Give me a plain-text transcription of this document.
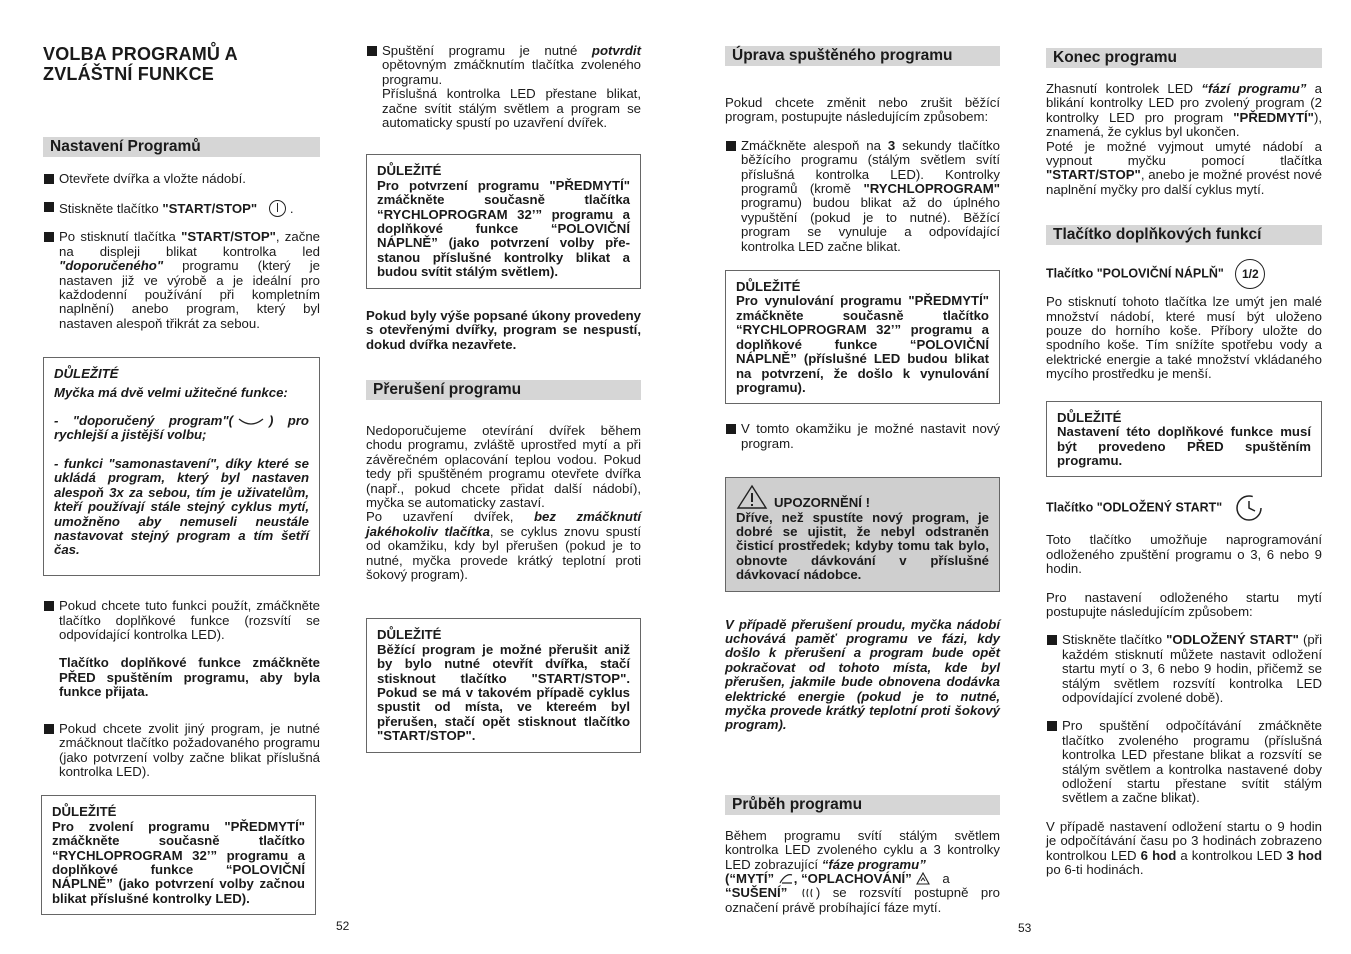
VOLBA PROGRAMŮ A
ZVLÁŠTNÍ FUNKCE
Nastavení Programů
Otevřete dvířka a vložte nádobí.
Stiskněte tlačítko "START/STOP" .
Po stisknutí tlačítka "START/STOP", začne na displeji blikat kontrolka led "doporučeného" programu (který je nastaven již ve výrobě a je ideální pro každodenní používání při kompletním naplnění) anebo program, který byl nastaven alespoň třikrát za sebou.
DŮLEŽITÉ
Myčka má dvě velmi užitečné funkce:
- "doporučený program"(	) pro rychlejší a jistější volbu;
- funkci "samonastavení", díky které se ukládá program, který byl nastaven alespoň 3x za sebou, tím je uživatelům, kteří používají stále stejný cyklus mytí, umožněno aby nemuseli neustále nastavovat stejný program a tím šetří čas.
Pokud chcete tuto funkci použít, zmáčkněte tlačítko doplňkové funkce (rozsvítí se odpovídající kontrolka LED).
Tlačítko doplňkové funkce zmáčkněte PŘED spuštěním programu, aby byla funkce přijata.
Pokud chcete zvolit jiný program, je nutné zmáčknout tlačítko požadovaného programu (jako potvrzení volby začne blikat příslušná kontrolka LED).
DŮLEŽITÉ
Pro zvolení programu "PŘEDMYTÍ" zmáčkněte současně tlačítko “RYCHLOPROGRAM 32’” programu a doplňkové funkce “POLOVIČNÍ NÁPLNĚ” (jako potvrzení volby začnou blikat příslušné kontrolky LED).
52
Spuštění programu je nutné potvrdit opětovným zmáčknutím tlačítka zvoleného programu.
Příslušná kontrolka LED přestane blikat, začne svítit stálým světlem a program se automaticky spustí po uzavření dvířek.
DŮLEŽITÉ
Pro potvrzení programu "PŘEDMYTÍ" zmáčkněte současně tlačítka “RYCHLOPROGRAM 32’” programu a doplňkové funkce “POLOVIČNÍ NÁPLNĚ” (jako potvrzení volby pře- stanou příslušné kontrolky blikat a budou svítit stálým světlem).

Pokud byly výše popsané úkony provedeny s otevřenými dvířky, program se nespustí, dokud dvířka nezavřete.

Přerušení programu

Nedoporučujeme otevírání dvířek během chodu programu, zvláště uprostřed mytí a při závěrečném oplacování teplou vodou. Pokud tedy při spuštěném programu otevřete dvířka (např., pokud chcete přidat další nádobí), myčka se automaticky zastaví.

Po uzavření dvířek, bez zmáčknutí jakéhokoliv tlačítka, se cyklus znovu spustí od okamžiku, kdy byl přerušen (pokud je to nutné, myčka provede krátký teplotní proti šokový program).

DŮLEŽITÉ
Běžící program je možné přerušit aniž by bylo nutné otevřít dvířka, stačí stisknout tlačítko "START/STOP". Pokud se má v takovém případě cyklus spustit od místa, ve ktereém byl přerušen, stačí opět stisknout tlačítko "START/STOP".
Úprava spuštěného programu

Pokud chcete změnit nebo zrušit běžící program, postupujte následujícím způsobem:

Zmáčkněte alespoň na 3 sekundy tlačítko běžícího programu (stálým světlem svítí příslušná kontrolka LED). Kontrolky programů (kromě "RYCHLOPROGRAM" programu) budou blikat až do úplného vypuštění (pokud je to nutné). Běžící program se vynuluje a odpovídající kontrolka LED začne blikat.
DŮLEŽITÉ
Pro vynulování programu "PŘEDMYTÍ" zmáčkněte současně tlačítko “RYCHLOPROGRAM 32’” programu a doplňkové funkce “POLOVIČNÍ NÁPLNĚ” (příslušné LED budou blikat na potvrzení, že došlo k vynulování programu).
V tomto okamžiku je možné nastavit nový program.
UPOZORNĚNÍ !
Dříve, než spustíte nový program, je dobré se ujistit, že nebyl odstraněn čisticí prostředek; kdyby tomu tak bylo, obnovte dávkování v příslušné dávkovací nádobce.

V případě přerušení proudu, myčka nádobí uchovává paměť programu ve fázi, kdy došlo k přerušení a program bude opět pokračovat od tohoto místa, kde byl přerušen, jakmile bude obnovena dodávka elektrické energie (pokud je to nutné, myčka provede krátký teplotní proti šokový program).

Průběh programu

Během programu svítí stálým světlem kontrolka LED zvoleného cyklu a 3 kontrolky LED zobrazující “fáze programu”
(“MYTÍ” , “OPLACHOVÁNÍ” a
“SUŠENÍ” ) se rozsvítí postupně pro označení právě probíhající fáze mytí.

Konec programu

Zhasnutí kontrolek LED “fází programu” a blikání kontrolky LED pro zvolený program (2 kontrolky LED pro program "PŘEDMYTÍ"), znamená, že cyklus byl ukončen.

Poté je možné vyjmout umyté nádobí a vypnout myčku pomocí tlačítka "START/STOP", anebo je možné provést nové naplnění myčky pro další cyklus mytí.

Tlačítko doplňkových funkcí
Tlačítko "POLOVIČNÍ NÁPLŇ" 1/2

Po stisknutí tohoto tlačítka lze umýt jen malé množství nádobí, které musí být uloženo pouze do horního koše. Příbory uložte do spodního koše. Tím snížíte spotřebu vody a elektrické energie a také množství vkládaného mycího prostředku je menší.

DŮLEŽITÉ
Nastavení této doplňkové funkce musí být provedeno PŘED spuštěním programu.
Tlačítko "ODLOŽENÝ START"

Toto tlačítko umožňuje naprogramování odloženého zpuštění programu o 3, 6 nebo 9 hodin.

Pro nastavení odloženého startu mytí postupujte následujícím způsobem:

Stiskněte tlačítko "ODLOŽENÝ START" (při každém stisknutí můžete nastavit odložení startu mytí o 3, 6 nebo 9 hodin, přičemž se stálým světlem rozsvítí kontrolka LED odpovídající zvolené době).
Pro spuštění odpočítávání zmáčkněte tlačítko zvoleného programu (příslušná kontrolka LED přestane blikat a rozsvítí se stálým světlem a kontrolka nastavené doby odložení startu přestane svítit stálým světlem a začne blikat).

V případě nastavení odložení startu o 9 hodin je odpočítávání času po 3 hodinách zobrazeno kontrolkou LED 6 hod a kontrolkou LED 3 hod po 6-ti hodinách.

53
